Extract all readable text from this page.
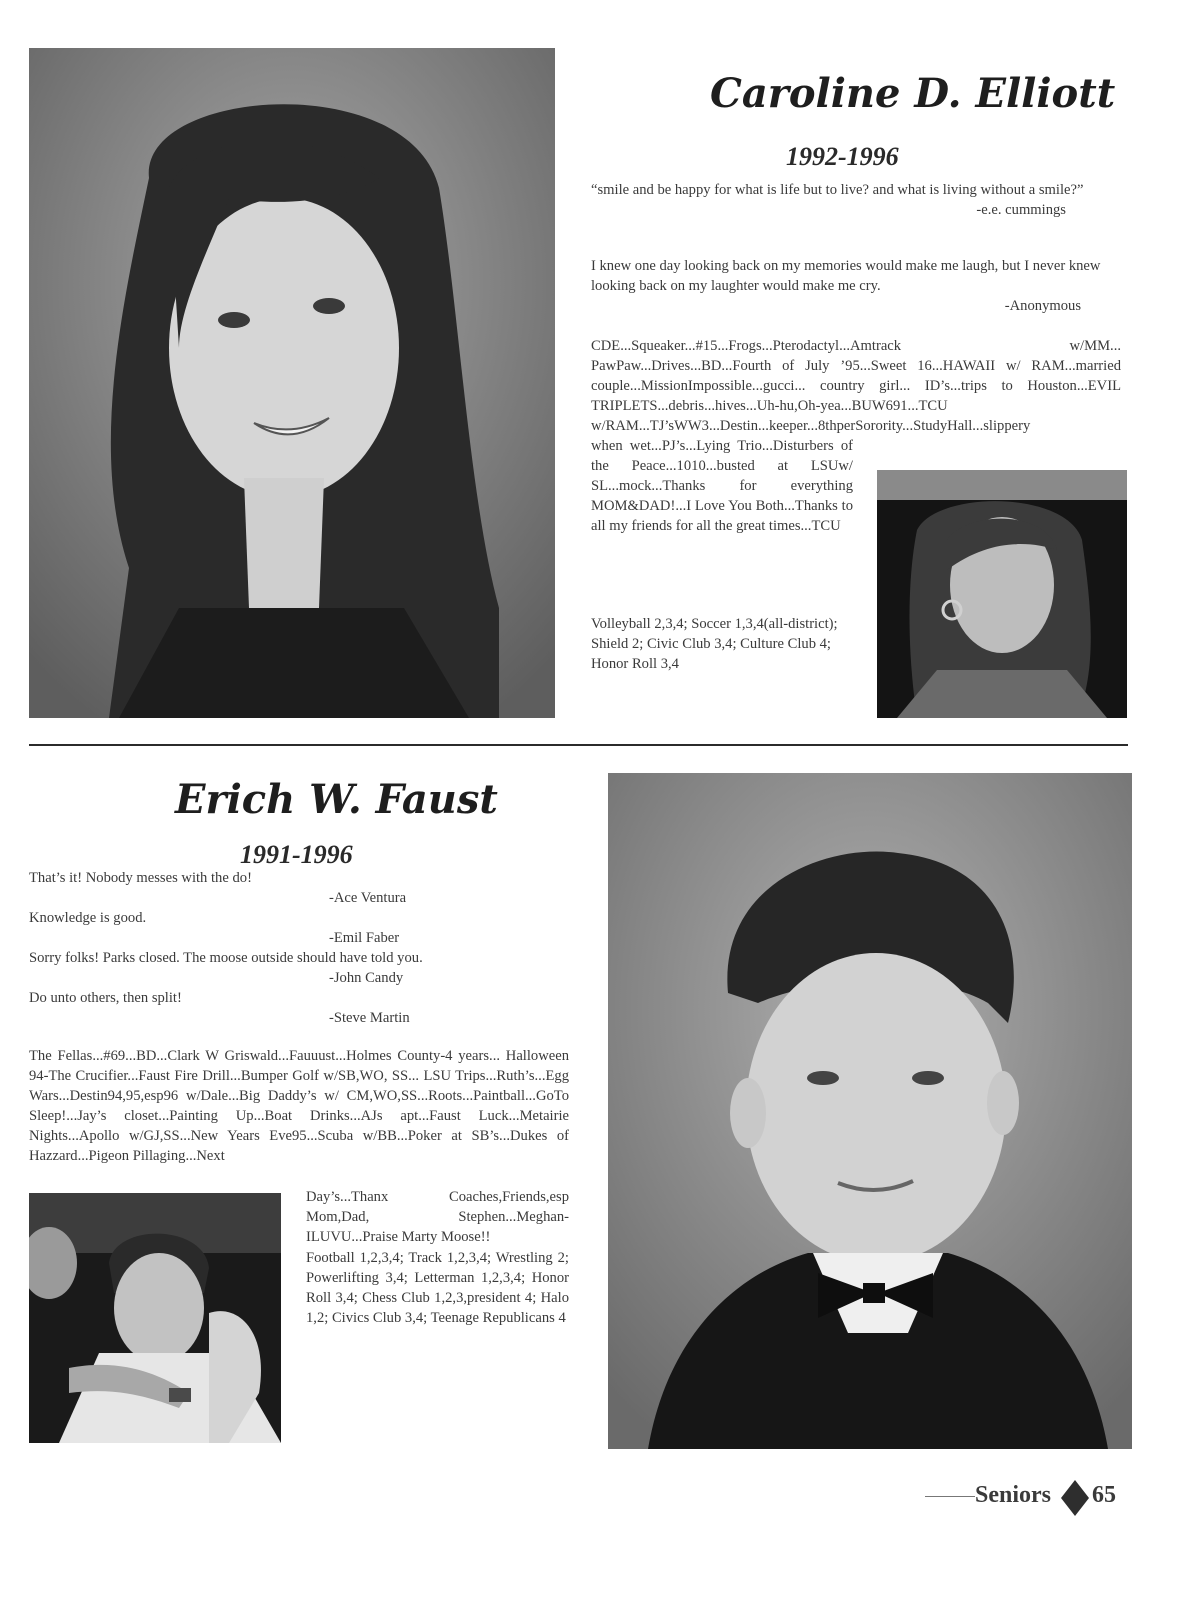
Caroline D. Elliott
1992-1996

“smile and be happy for what is life but to live? and what is living without a smile?”

-e.e. cummings

I knew one day looking back on my memories would make me laugh, but I never knew looking back on my laughter would make me cry.

-Anonymous

CDE...Squeaker...#15...Frogs...Pterodactyl...Amtrack w/MM... PawPaw...Drives...BD...Fourth of July ’95...Sweet 16...HAWAII w/ RAM...married couple...MissionImpossible...gucci... country girl... ID’s...trips to Houston...EVIL TRIPLETS...debris...hives...Uh-hu,Oh-yea...BUW691...TCU w/RAM...TJ’sWW3...Destin...keeper...8thperSorority...StudyHall...slippery
when wet...PJ’s...Lying Trio...Disturbers of the Peace...1010...busted at LSUw/ SL...mock...Thanks for everything MOM&DAD!...I Love You Both...Thanks to all my friends for all the great times...TCU
Volleyball 2,3,4; Soccer 1,3,4(all-district); Shield 2; Civic Club 3,4; Culture Club 4; Honor Roll 3,4
Erich W. Faust
1991-1996

That’s it! Nobody messes with the do!

-Ace Ventura

Knowledge is good.

-Emil Faber

Sorry folks! Parks closed. The moose outside should have told you.

-John Candy

Do unto others, then split!

-Steve Martin

The Fellas...#69...BD...Clark W Griswald...Fauuust...Holmes County-4 years... Halloween 94-The Crucifier...Faust Fire Drill...Bumper Golf w/SB,WO, SS... LSU Trips...Ruth’s...Egg Wars...Destin94,95,esp96 w/Dale...Big Daddy’s w/ CM,WO,SS...Roots...Paintball...GoTo Sleep!...Jay’s closet...Painting Up...Boat Drinks...AJs apt...Faust Luck...Metairie Nights...Apollo w/GJ,SS...New Years Eve95...Scuba w/BB...Poker at SB’s...Dukes of Hazzard...Pigeon Pillaging...Next
Day’s...Thanx Coaches,Friends,esp Mom,Dad, Stephen...Meghan-ILUVU...Praise Marty Moose!!
Football 1,2,3,4; Track 1,2,3,4; Wrestling 2; Powerlifting 3,4; Letterman 1,2,3,4; Honor Roll 3,4; Chess Club 1,2,3,president 4; Halo 1,2; Civics Club 3,4; Teenage Republicans 4
Seniors 65
